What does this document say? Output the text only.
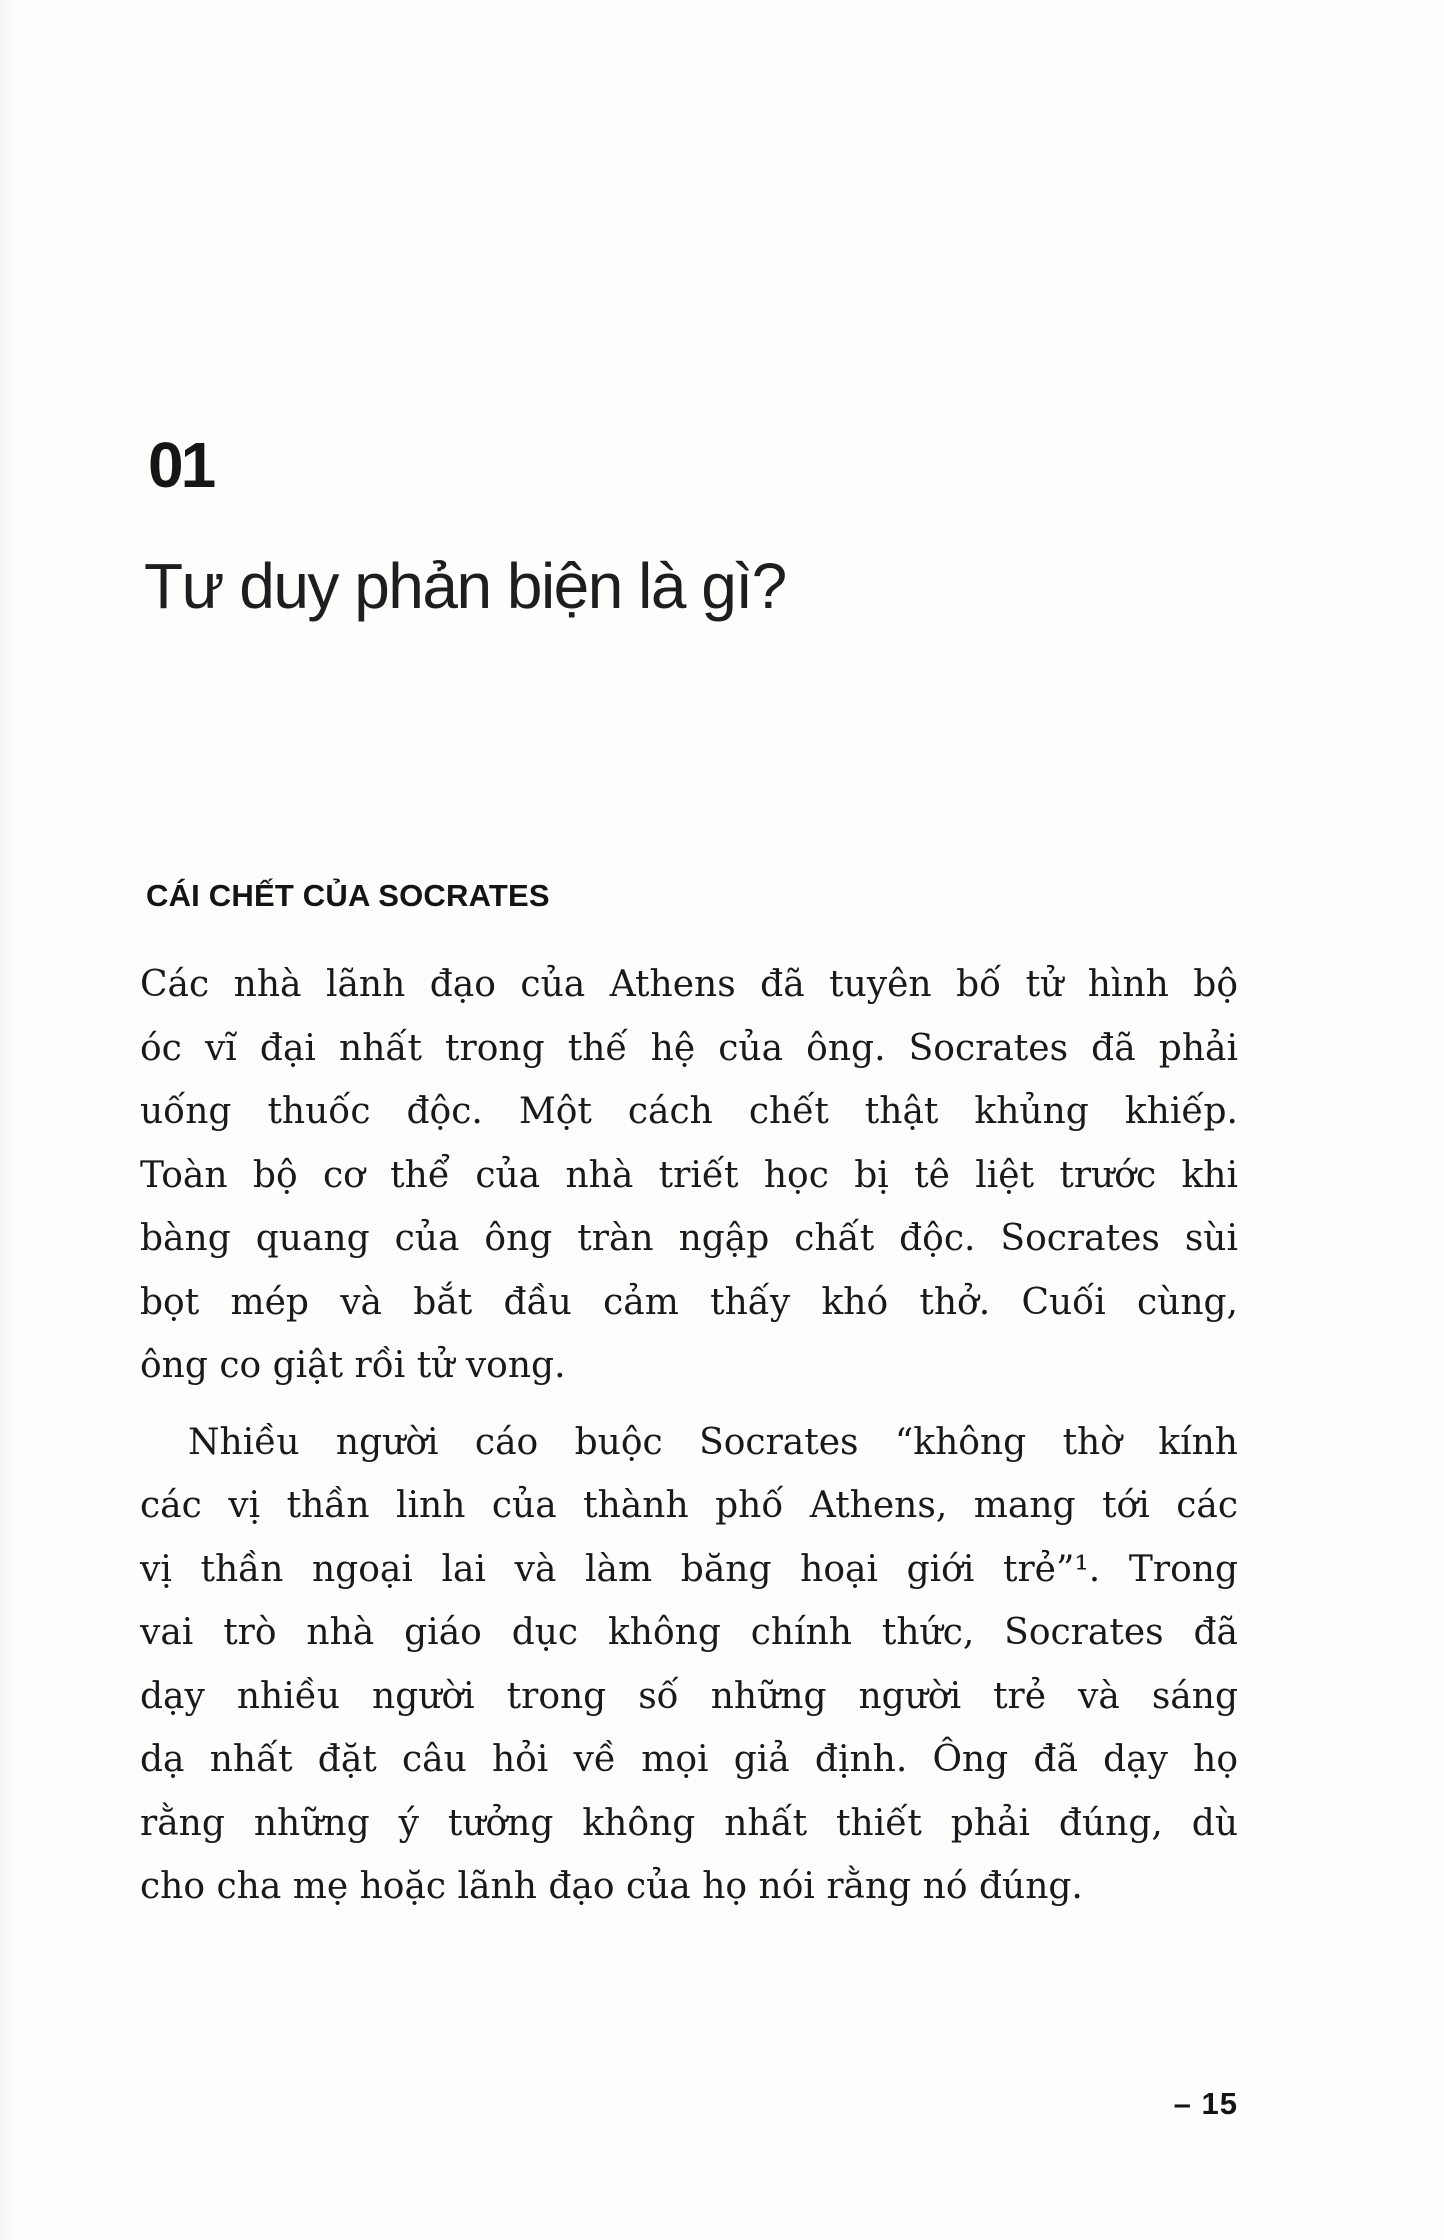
01
Tư duy phản biện là gì?
CÁI CHẾT CỦA SOCRATES
Các nhà lãnh đạo của Athens đã tuyên bố tử hình bộ
óc vĩ đại nhất trong thế hệ của ông. Socrates đã phải
uống thuốc độc. Một cách chết thật khủng khiếp.
Toàn bộ cơ thể của nhà triết học bị tê liệt trước khi
bàng quang của ông tràn ngập chất độc. Socrates sùi
bọt mép và bắt đầu cảm thấy khó thở. Cuối cùng,
ông co giật rồi tử vong.
Nhiều người cáo buộc Socrates “không thờ kính
các vị thần linh của thành phố Athens, mang tới các
vị thần ngoại lai và làm băng hoại giới trẻ”¹. Trong
vai trò nhà giáo dục không chính thức, Socrates đã
dạy nhiều người trong số những người trẻ và sáng
dạ nhất đặt câu hỏi về mọi giả định. Ông đã dạy họ
rằng những ý tưởng không nhất thiết phải đúng, dù
cho cha mẹ hoặc lãnh đạo của họ nói rằng nó đúng.
– 15
